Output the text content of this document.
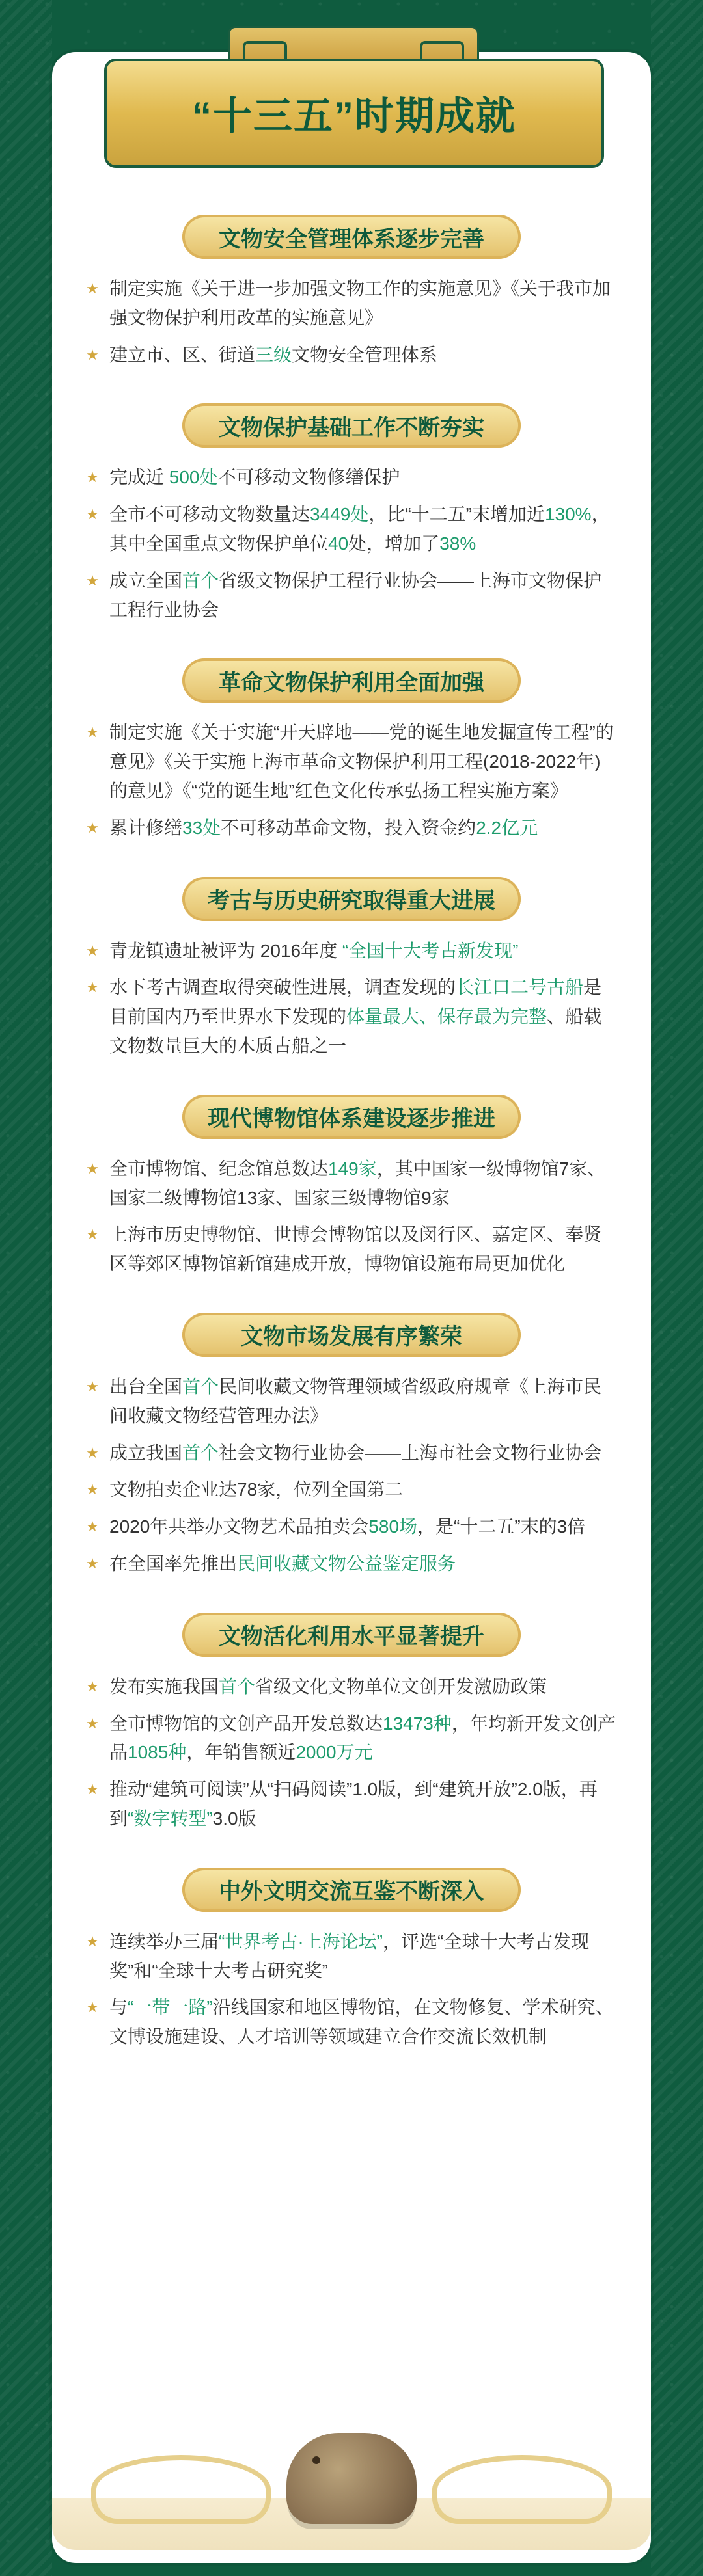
“十三五”时期成就
文物安全管理体系逐步完善
★ 制定实施《关于进一步加强文物工作的实施意见》《关于我市加强文物保护利用改革的实施意见》
★ 建立市、区、街道三级文物安全管理体系
文物保护基础工作不断夯实
★ 完成近 500处不可移动文物修缮保护
★ 全市不可移动文物数量达3449处，比“十二五”末增加近130%，其中全国重点文物保护单位40处，增加了38%
★ 成立全国首个省级文物保护工程行业协会——上海市文物保护工程行业协会
革命文物保护利用全面加强
★ 制定实施《关于实施“开天辟地——党的诞生地发掘宣传工程”的意见》《关于实施上海市革命文物保护利用工程(2018-2022年)的意见》《“党的诞生地”红色文化传承弘扬工程实施方案》
★ 累计修缮33处不可移动革命文物，投入资金约2.2亿元
考古与历史研究取得重大进展
★ 青龙镇遗址被评为 2016年度 “全国十大考古新发现”
★ 水下考古调查取得突破性进展，调查发现的长江口二号古船是目前国内乃至世界水下发现的体量最大、保存最为完整、船载文物数量巨大的木质古船之一
现代博物馆体系建设逐步推进
★ 全市博物馆、纪念馆总数达149家，其中国家一级博物馆7家、国家二级博物馆13家、国家三级博物馆9家
★ 上海市历史博物馆、世博会博物馆以及闵行区、嘉定区、奉贤区等郊区博物馆新馆建成开放，博物馆设施布局更加优化
文物市场发展有序繁荣
★ 出台全国首个民间收藏文物管理领域省级政府规章《上海市民间收藏文物经营管理办法》
★ 成立我国首个社会文物行业协会——上海市社会文物行业协会
★ 文物拍卖企业达78家，位列全国第二
★ 2020年共举办文物艺术品拍卖会580场，是“十二五”末的3倍
★ 在全国率先推出民间收藏文物公益鉴定服务
文物活化利用水平显著提升
★ 发布实施我国首个省级文化文物单位文创开发激励政策
★ 全市博物馆的文创产品开发总数达13473种，年均新开发文创产品1085种，年销售额近2000万元
★ 推动“建筑可阅读”从“扫码阅读”1.0版，到“建筑开放”2.0版，再到“数字转型”3.0版
中外文明交流互鉴不断深入
★ 连续举办三届“世界考古·上海论坛”，评选“全球十大考古发现奖”和“全球十大考古研究奖”
★ 与“一带一路”沿线国家和地区博物馆，在文物修复、学术研究、文博设施建设、人才培训等领域建立合作交流长效机制
